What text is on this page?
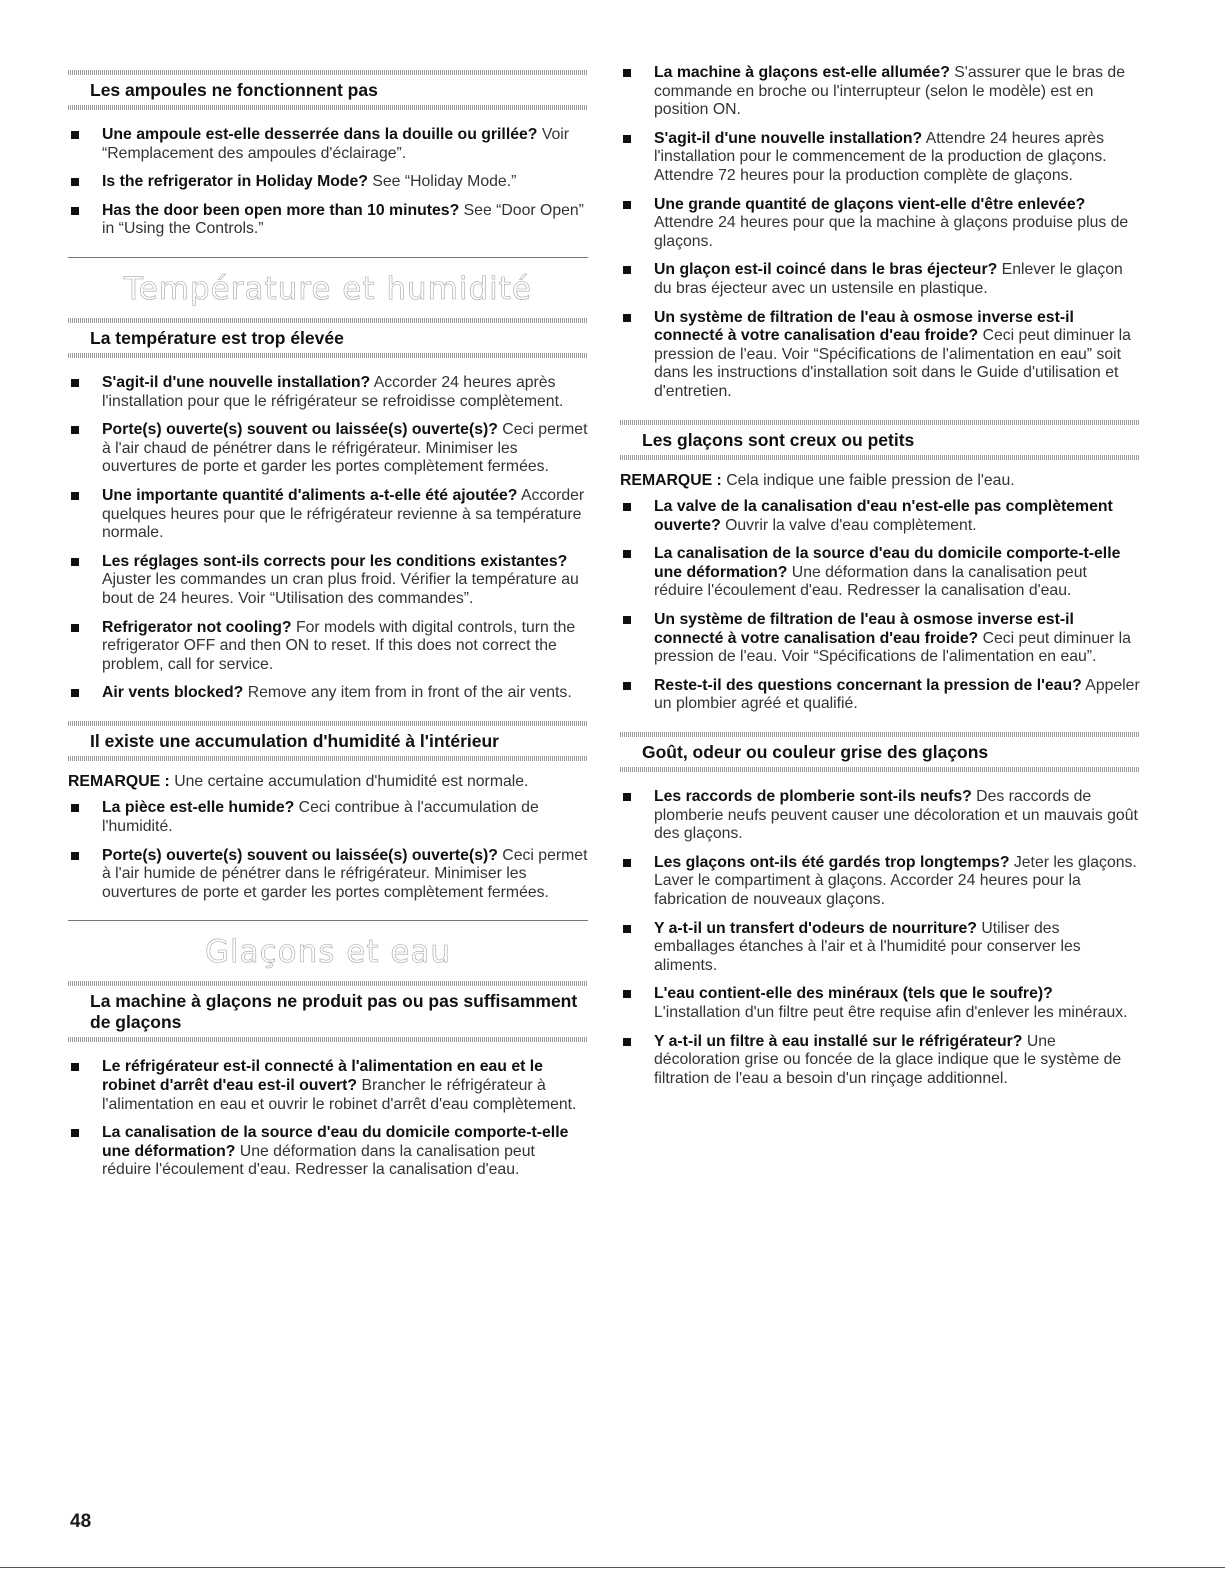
Les ampoules ne fonctionnent pas
Une ampoule est-elle desserrée dans la douille ou grillée? Voir “Remplacement des ampoules d'éclairage”.
Is the refrigerator in Holiday Mode? See “Holiday Mode.”
Has the door been open more than 10 minutes? See “Door Open” in “Using the Controls.”
Température et humidité
La température est trop élevée
S'agit-il d'une nouvelle installation? Accorder 24 heures après l'installation pour que le réfrigérateur se refroidisse complètement.
Porte(s) ouverte(s) souvent ou laissée(s) ouverte(s)? Ceci permet à l'air chaud de pénétrer dans le réfrigérateur. Minimiser les ouvertures de porte et garder les portes complètement fermées.
Une importante quantité d'aliments a-t-elle été ajoutée? Accorder quelques heures pour que le réfrigérateur revienne à sa température normale.
Les réglages sont-ils corrects pour les conditions existantes? Ajuster les commandes un cran plus froid. Vérifier la température au bout de 24 heures. Voir “Utilisation des commandes”.
Refrigerator not cooling? For models with digital controls, turn the refrigerator OFF and then ON to reset. If this does not correct the problem, call for service.
Air vents blocked? Remove any item from in front of the air vents.
Il existe une accumulation d'humidité à l'intérieur
REMARQUE : Une certaine accumulation d'humidité est normale.
La pièce est-elle humide? Ceci contribue à l'accumulation de l'humidité.
Porte(s) ouverte(s) souvent ou laissée(s) ouverte(s)? Ceci permet à l'air humide de pénétrer dans le réfrigérateur. Minimiser les ouvertures de porte et garder les portes complètement fermées.
Glaçons et eau
La machine à glaçons ne produit pas ou pas suffisamment de glaçons
Le réfrigérateur est-il connecté à l'alimentation en eau et le robinet d'arrêt d'eau est-il ouvert? Brancher le réfrigérateur à l'alimentation en eau et ouvrir le robinet d'arrêt d'eau complètement.
La canalisation de la source d'eau du domicile comporte-t-elle une déformation? Une déformation dans la canalisation peut réduire l'écoulement d'eau. Redresser la canalisation d'eau.
La machine à glaçons est-elle allumée? S'assurer que le bras de commande en broche ou l'interrupteur (selon le modèle) est en position ON.
S'agit-il d'une nouvelle installation? Attendre 24 heures après l'installation pour le commencement de la production de glaçons. Attendre 72 heures pour la production complète de glaçons.
Une grande quantité de glaçons vient-elle d'être enlevée? Attendre 24 heures pour que la machine à glaçons produise plus de glaçons.
Un glaçon est-il coincé dans le bras éjecteur? Enlever le glaçon du bras éjecteur avec un ustensile en plastique.
Un système de filtration de l'eau à osmose inverse est-il connecté à votre canalisation d'eau froide? Ceci peut diminuer la pression de l'eau. Voir “Spécifications de l'alimentation en eau” soit dans les instructions d'installation soit dans le Guide d'utilisation et d'entretien.
Les glaçons sont creux ou petits
REMARQUE : Cela indique une faible pression de l'eau.
La valve de la canalisation d'eau n'est-elle pas complètement ouverte? Ouvrir la valve d'eau complètement.
La canalisation de la source d'eau du domicile comporte-t-elle une déformation? Une déformation dans la canalisation peut réduire l'écoulement d'eau. Redresser la canalisation d'eau.
Un système de filtration de l'eau à osmose inverse est-il connecté à votre canalisation d'eau froide? Ceci peut diminuer la pression de l'eau. Voir “Spécifications de l'alimentation en eau”.
Reste-t-il des questions concernant la pression de l'eau? Appeler un plombier agréé et qualifié.
Goût, odeur ou couleur grise des glaçons
Les raccords de plomberie sont-ils neufs? Des raccords de plomberie neufs peuvent causer une décoloration et un mauvais goût des glaçons.
Les glaçons ont-ils été gardés trop longtemps? Jeter les glaçons. Laver le compartiment à glaçons. Accorder 24 heures pour la fabrication de nouveaux glaçons.
Y a-t-il un transfert d'odeurs de nourriture? Utiliser des emballages étanches à l'air et à l'humidité pour conserver les aliments.
L'eau contient-elle des minéraux (tels que le soufre)? L'installation d'un filtre peut être requise afin d'enlever les minéraux.
Y a-t-il un filtre à eau installé sur le réfrigérateur? Une décoloration grise ou foncée de la glace indique que le système de filtration de l'eau a besoin d'un rinçage additionnel.
48
